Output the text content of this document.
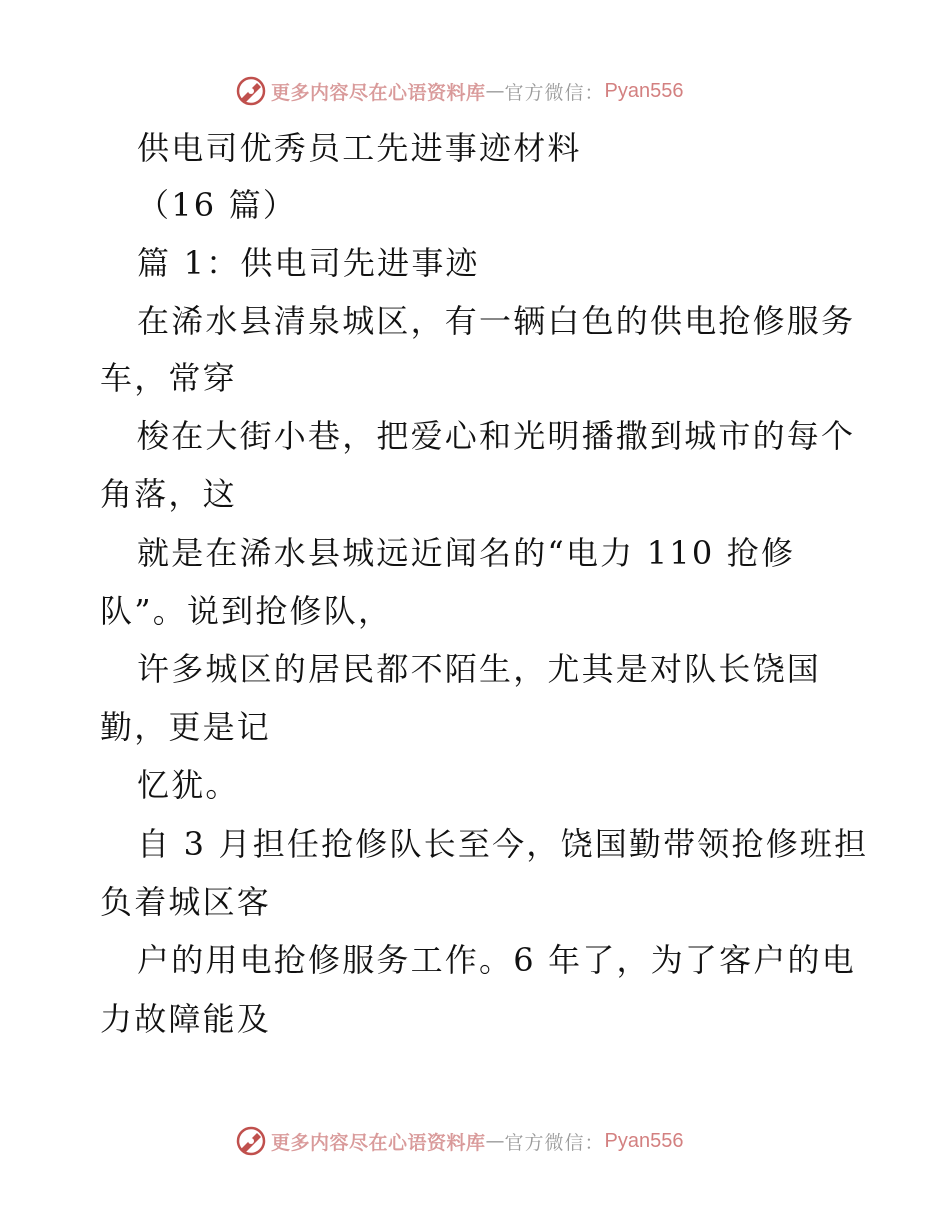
更多内容尽在心语资料库 — 官方微信： Pyan556
供电司优秀员工先进事迹材料
（16 篇）
篇 1：供电司先进事迹
在浠水县清泉城区，有一辆白色的供电抢修服务
车，常穿
梭在大街小巷，把爱心和光明播撒到城市的每个
角落，这
就是在浠水县城远近闻名的“电力 110 抢修
队”。说到抢修队，
许多城区的居民都不陌生，尤其是对队长饶国
勤，更是记
忆犹。
自 3 月担任抢修队长至今，饶国勤带领抢修班担
负着城区客
户的用电抢修服务工作。6 年了，为了客户的电
力故障能及
更多内容尽在心语资料库 — 官方微信： Pyan556
